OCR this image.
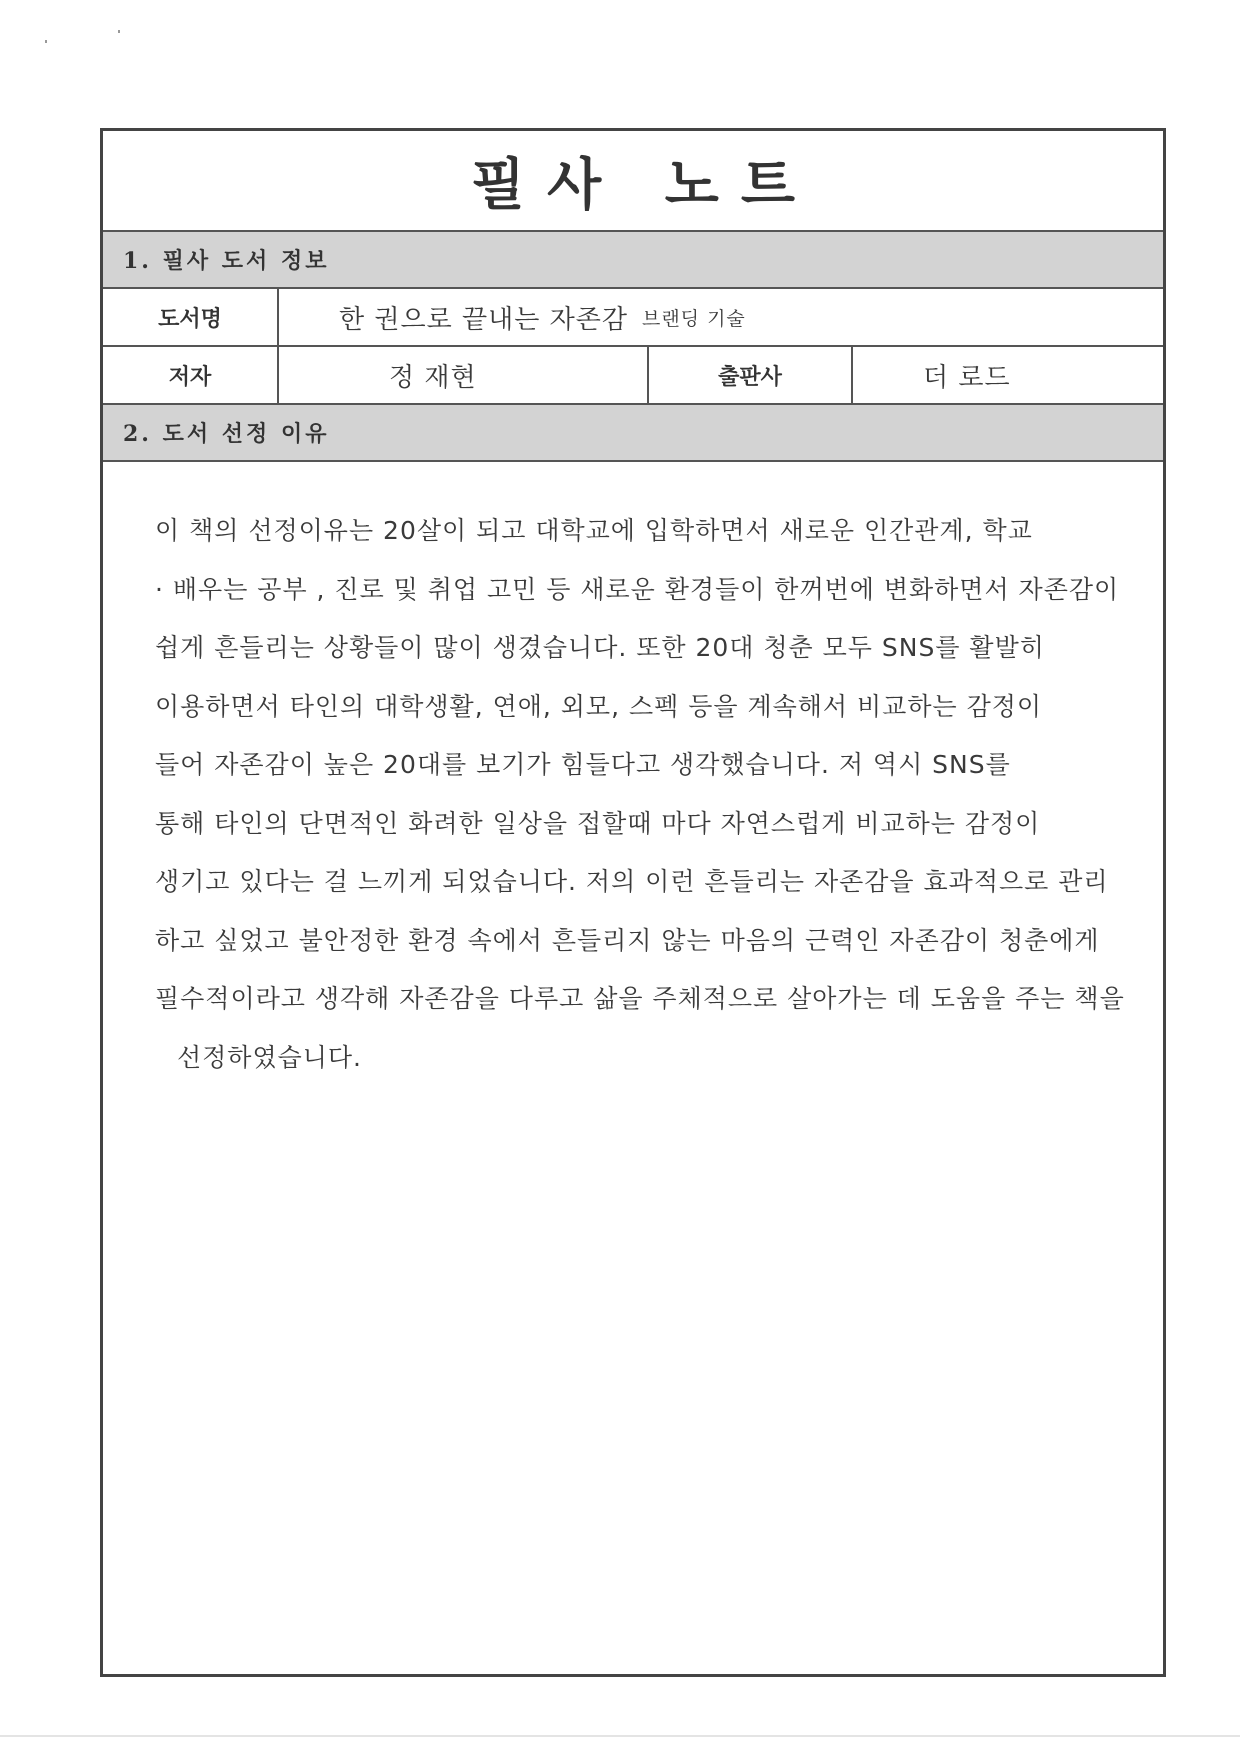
필사 노트
1. 필사 도서 정보
도서명	한 권으로 끝내는 자존감 브랜딩 기술
저자	정 재현	출판사	더 로드
2. 도서 선정 이유
이 책의 선정이유는 20살이 되고 대학교에 입학하면서 새로운 인간관계, 학교
· 배우는 공부 , 진로 및 취업 고민 등 새로운 환경들이 한꺼번에 변화하면서 자존감이
쉽게 흔들리는 상황들이 많이 생겼습니다. 또한 20대 청춘 모두 SNS를 활발히
이용하면서 타인의 대학생활, 연애, 외모, 스펙 등을 계속해서 비교하는 감정이
들어 자존감이 높은 20대를 보기가 힘들다고 생각했습니다. 저 역시 SNS를
통해 타인의 단면적인 화려한 일상을 접할때 마다 자연스럽게 비교하는 감정이
생기고 있다는 걸 느끼게 되었습니다. 저의 이런 흔들리는 자존감을 효과적으로 관리
하고 싶었고 불안정한 환경 속에서 흔들리지 않는 마음의 근력인 자존감이 청춘에게
필수적이라고 생각해 자존감을 다루고 삶을 주체적으로 살아가는 데 도움을 주는 책을
선정하였습니다.
